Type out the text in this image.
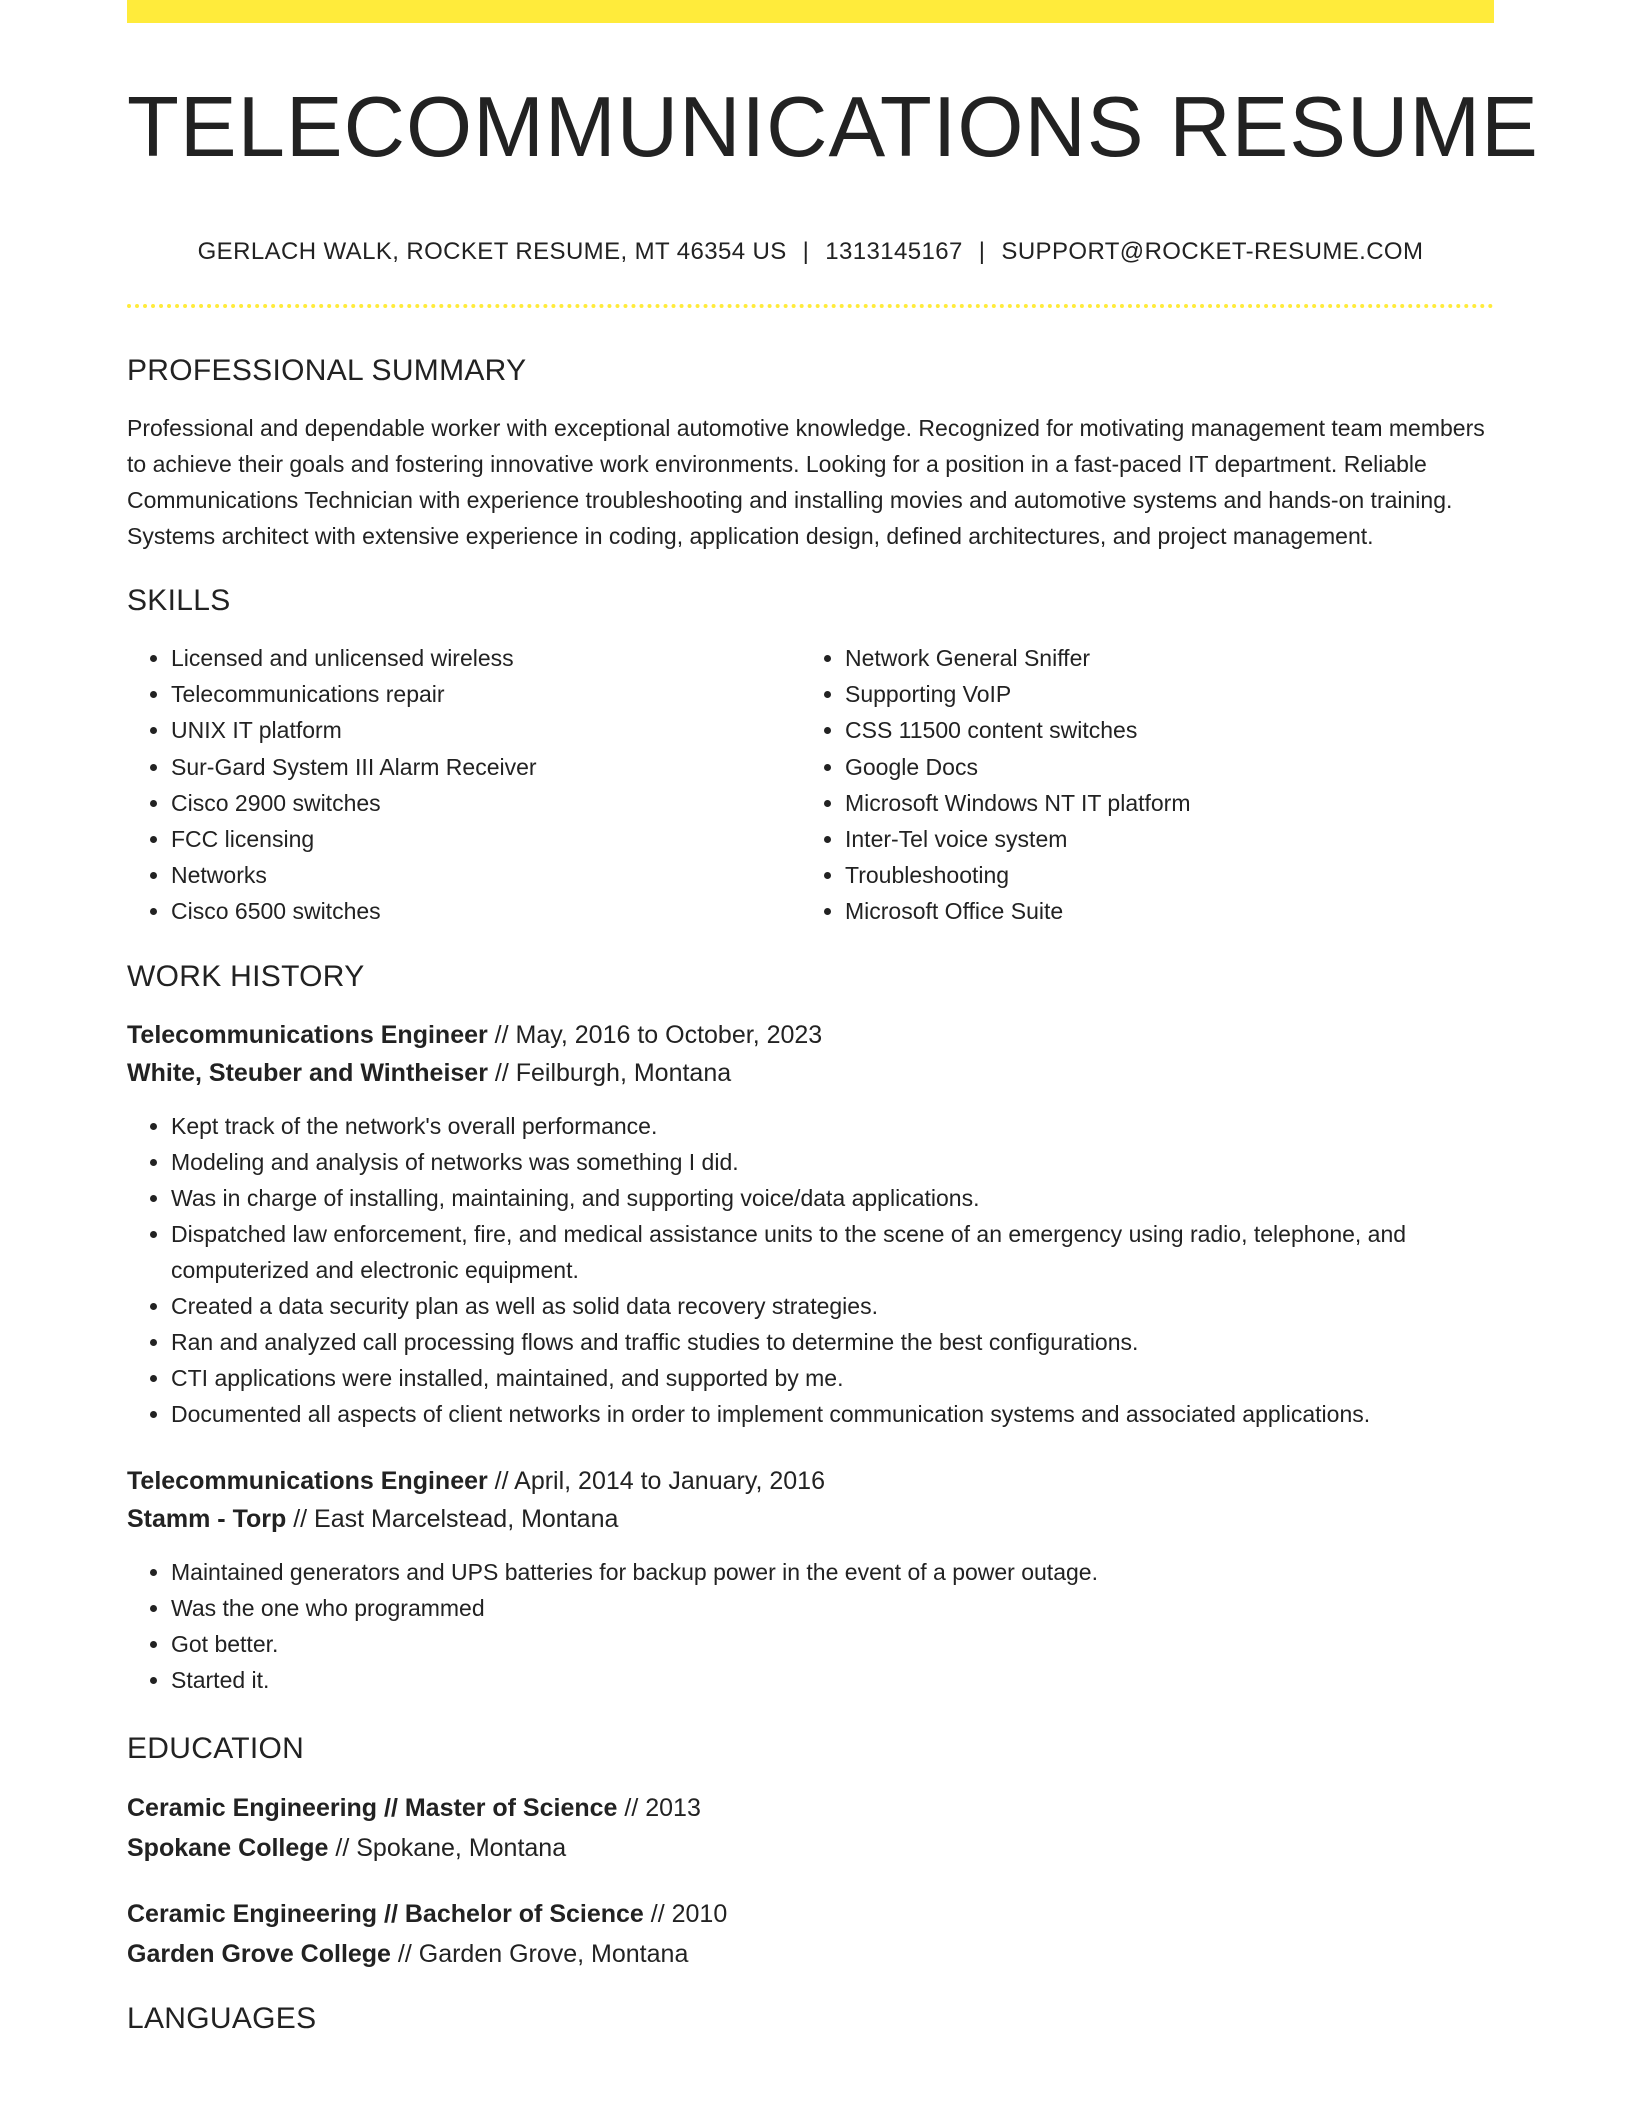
TELECOMMUNICATIONS RESUME
GERLACH WALK, ROCKET RESUME, MT 46354 US | 1313145167 | SUPPORT@ROCKET-RESUME.COM
PROFESSIONAL SUMMARY

Professional and dependable worker with exceptional automotive knowledge. Recognized for motivating management team members to achieve their goals and fostering innovative work environments. Looking for a position in a fast-paced IT department. Reliable Communications Technician with experience troubleshooting and installing movies and automotive systems and hands-on training. Systems architect with extensive experience in coding, application design, defined architectures, and project management.

SKILLS
• Licensed and unlicensed wireless
• Telecommunications repair
• UNIX IT platform
• Sur-Gard System III Alarm Receiver
• Cisco 2900 switches
• FCC licensing
• Networks
• Cisco 6500 switches
• Network General Sniffer
• Supporting VoIP
• CSS 11500 content switches
• Google Docs
• Microsoft Windows NT IT platform
• Inter-Tel voice system
• Troubleshooting
• Microsoft Office Suite
WORK HISTORY
Telecommunications Engineer // May, 2016 to October, 2023
White, Steuber and Wintheiser // Feilburgh, Montana
• Kept track of the network's overall performance.
• Modeling and analysis of networks was something I did.
• Was in charge of installing, maintaining, and supporting voice/data applications.
• Dispatched law enforcement, fire, and medical assistance units to the scene of an emergency using radio, telephone, and computerized and electronic equipment.
• Created a data security plan as well as solid data recovery strategies.
• Ran and analyzed call processing flows and traffic studies to determine the best configurations.
• CTI applications were installed, maintained, and supported by me.
• Documented all aspects of client networks in order to implement communication systems and associated applications.
Telecommunications Engineer // April, 2014 to January, 2016
Stamm - Torp // East Marcelstead, Montana
• Maintained generators and UPS batteries for backup power in the event of a power outage.
• Was the one who programmed
• Got better.
• Started it.
EDUCATION
Ceramic Engineering // Master of Science // 2013
Spokane College // Spokane, Montana
Ceramic Engineering // Bachelor of Science // 2010
Garden Grove College // Garden Grove, Montana
LANGUAGES
